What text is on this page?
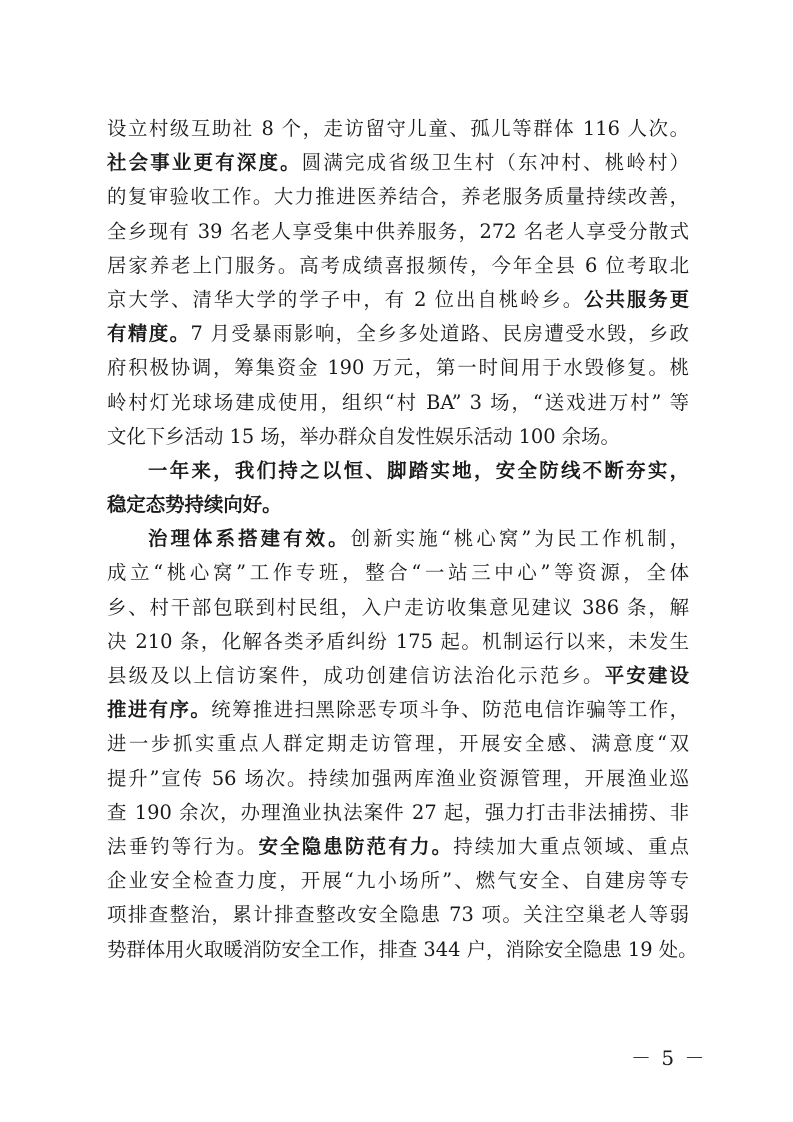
设立村级互助社 8 个，走访留守儿童、孤儿等群体 116 人次。
社会事业更有深度。圆满完成省级卫生村（东冲村、桃岭村）
的复审验收工作。大力推进医养结合，养老服务质量持续改善，
全乡现有 39 名老人享受集中供养服务，272 名老人享受分散式
居家养老上门服务。高考成绩喜报频传，今年全县 6 位考取北
京大学、清华大学的学子中，有 2 位出自桃岭乡。公共服务更
有精度。7 月受暴雨影响，全乡多处道路、民房遭受水毁，乡政
府积极协调，筹集资金 190 万元，第一时间用于水毁修复。桃
岭村灯光球场建成使用，组织“村 BA” 3 场，“送戏进万村” 等
文化下乡活动 15 场，举办群众自发性娱乐活动 100 余场。
一年来，我们持之以恒、脚踏实地，安全防线不断夯实，
稳定态势持续向好。
治理体系搭建有效。创新实施“桃心窝”为民工作机制，
成立“桃心窝”工作专班，整合“一站三中心”等资源，全体
乡、村干部包联到村民组，入户走访收集意见建议 386 条，解
决 210 条，化解各类矛盾纠纷 175 起。机制运行以来，未发生
县级及以上信访案件，成功创建信访法治化示范乡。平安建设
推进有序。统筹推进扫黑除恶专项斗争、防范电信诈骗等工作，
进一步抓实重点人群定期走访管理，开展安全感、满意度“双
提升”宣传 56 场次。持续加强两库渔业资源管理，开展渔业巡
查 190 余次，办理渔业执法案件 27 起，强力打击非法捕捞、非
法垂钓等行为。安全隐患防范有力。持续加大重点领域、重点
企业安全检查力度，开展“九小场所”、燃气安全、自建房等专
项排查整治，累计排查整改安全隐患 73 项。关注空巢老人等弱
势群体用火取暖消防安全工作，排查 344 户，消除安全隐患 19 处。
－ 5 －
